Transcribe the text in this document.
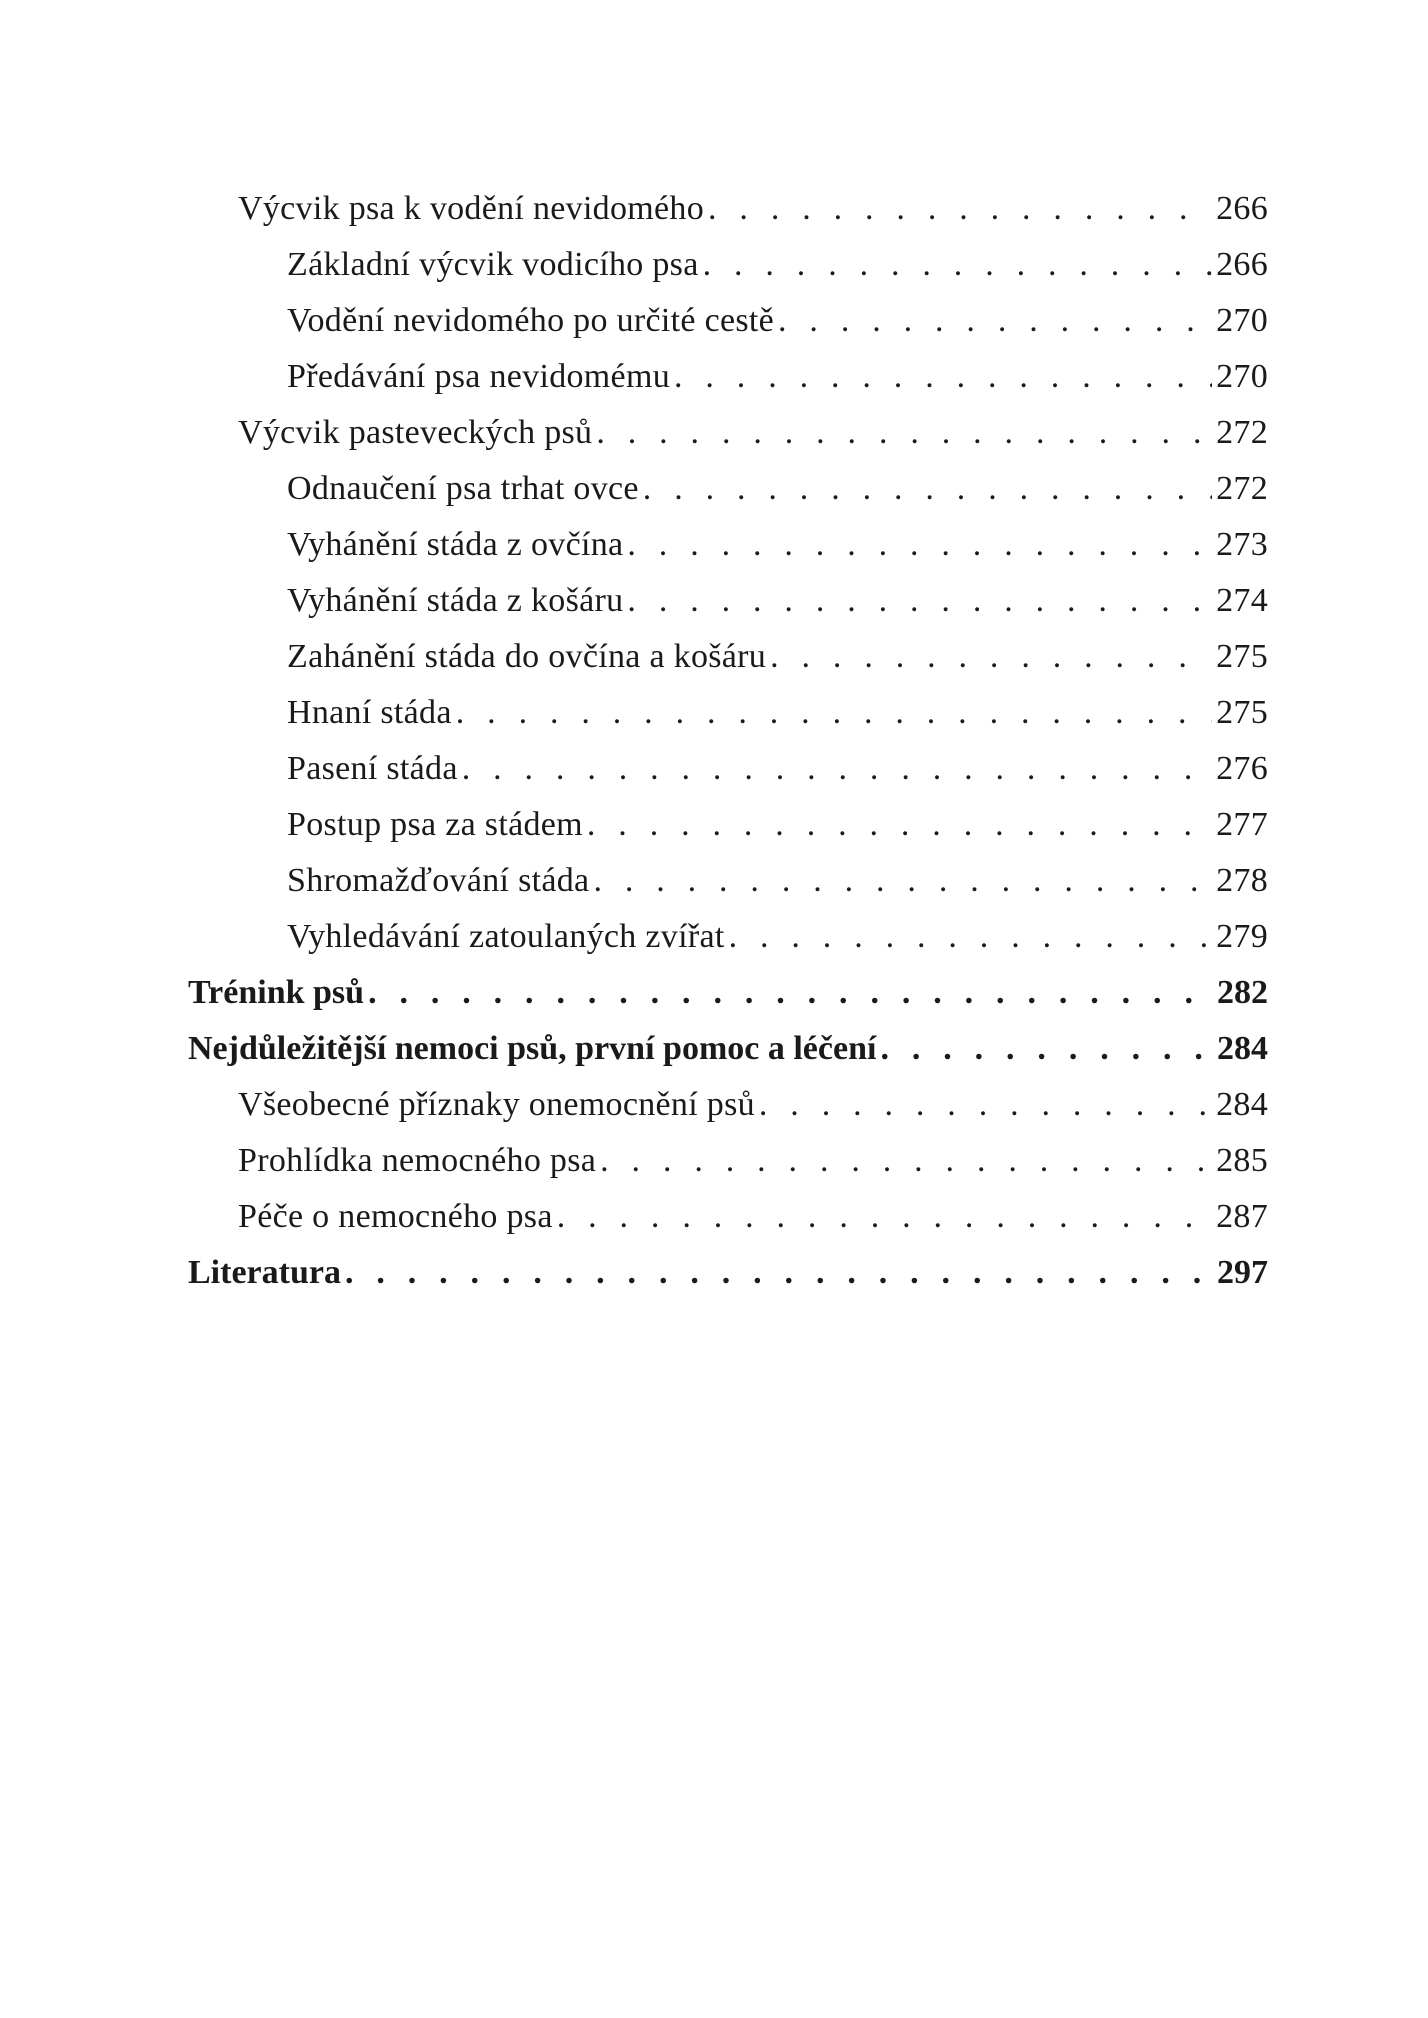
Výcvik psa k vodění nevidomého . . .	266
Základní výcvik vodicího psa . . .	266
Vodění nevidomého po určité cestě . . .	270
Předávání psa nevidomému . . .	270
Výcvik pasteveckých psů . . .	272
Odnaučení psa trhat ovce . . .	272
Vyhánění stáda z ovčína . . .	273
Vyhánění stáda z košáru . . .	274
Zahánění stáda do ovčína a košáru . . .	275
Hnaní stáda . . .	275
Pasení stáda . . .	276
Postup psa za stádem . . .	277
Shromažďování stáda . . .	278
Vyhledávání zatoulaných zvířat . . .	279
Trénink psů . . .	282
Nejdůležitější nemoci psů, první pomoc a léčení . . .	284
Všeobecné příznaky onemocnění psů . . .	284
Prohlídka nemocného psa . . .	285
Péče o nemocného psa . . .	287
Literatura . . .	297
